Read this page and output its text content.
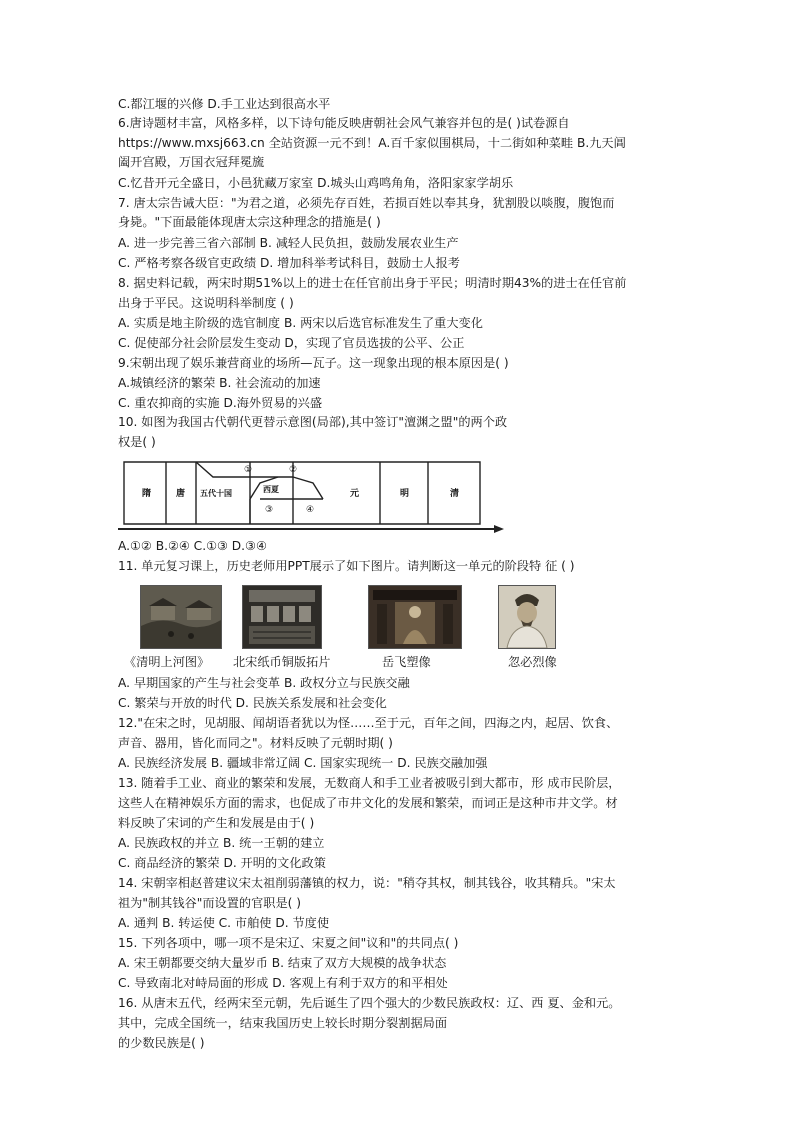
C.都江堰的兴修 D.手工业达到很高水平
6.唐诗题材丰富，风格多样，以下诗句能反映唐朝社会风气兼容并包的是( )试卷源自
https://www.mxsj663.cn 全站资源一元不到！A.百千家似围棋局，十二街如种菜畦 B.九天阊
阖开宫殿，万国衣冠拜冕旒
C.忆昔开元全盛日，小邑犹藏万家室 D.城头山鸡鸣角角，洛阳家家学胡乐
7. 唐太宗告诫大臣："为君之道，必须先存百姓，若损百姓以奉其身，犹割股以啖腹，腹饱而
身毙。"下面最能体现唐太宗这种理念的措施是( )
A. 进一步完善三省六部制 B. 减轻人民负担，鼓励发展农业生产
C. 严格考察各级官吏政绩 D. 增加科举考试科目，鼓励士人报考
8. 据史料记载，两宋时期51%以上的进士在任官前出身于平民；明清时期43%的进士在任官前
出身于平民。这说明科举制度 ( )
A. 实质是地主阶级的选官制度 B. 两宋以后选官标准发生了重大变化
C. 促使部分社会阶层发生变动 D，实现了官员选拔的公平、公正
9.宋朝出现了娱乐兼营商业的场所—瓦子。这一现象出现的根本原因是( )
A.城镇经济的繁荣 B. 社会流动的加速
C. 重农抑商的实施 D.海外贸易的兴盛
10. 如图为我国古代朝代更替示意图(局部),其中签订"澶渊之盟"的两个政
权是( )
隋	唐 五代十国	西夏	元	明	清
①	②
③	④
A.①② B.②④ C.①③ D.③④
11. 单元复习课上，历史老师用PPT展示了如下图片。请判断这一单元的阶段特 征 ( )
《清明上河图》 北宋纸币铜版拓片	岳飞塑像	忽必烈像
A. 早期国家的产生与社会变革 B. 政权分立与民族交融
C. 繁荣与开放的时代 D. 民族关系发展和社会变化
12."在宋之时，见胡服、闻胡语者犹以为怪……至于元，百年之间，四海之内，起居、饮食、
声音、器用，皆化而同之"。材料反映了元朝时期( )
A. 民族经济发展 B. 疆域非常辽阔 C. 国家实现统一 D. 民族交融加强
13. 随着手工业、商业的繁荣和发展，无数商人和手工业者被吸引到大都市，形 成市民阶层，
这些人在精神娱乐方面的需求，也促成了市井文化的发展和繁荣，而词正是这种市井文学。材
料反映了宋词的产生和发展是由于( )
A. 民族政权的并立 B. 统一王朝的建立
C. 商品经济的繁荣 D. 开明的文化政策
14. 宋朝宰相赵普建议宋太祖削弱藩镇的权力，说："稍夺其权，制其钱谷，收其精兵。"宋太
祖为"制其钱谷"而设置的官职是( )
A. 通判 B. 转运使 C. 市舶使 D. 节度使
15. 下列各项中，哪一项不是宋辽、宋夏之间"议和"的共同点( )
A. 宋王朝都要交纳大量岁币 B. 结束了双方大规模的战争状态
C. 导致南北对峙局面的形成 D. 客观上有利于双方的和平相处
16. 从唐末五代，经两宋至元朝，先后诞生了四个强大的少数民族政权：辽、西 夏、金和元。
其中，完成全国统一，结束我国历史上较长时期分裂割据局面
的少数民族是( )
